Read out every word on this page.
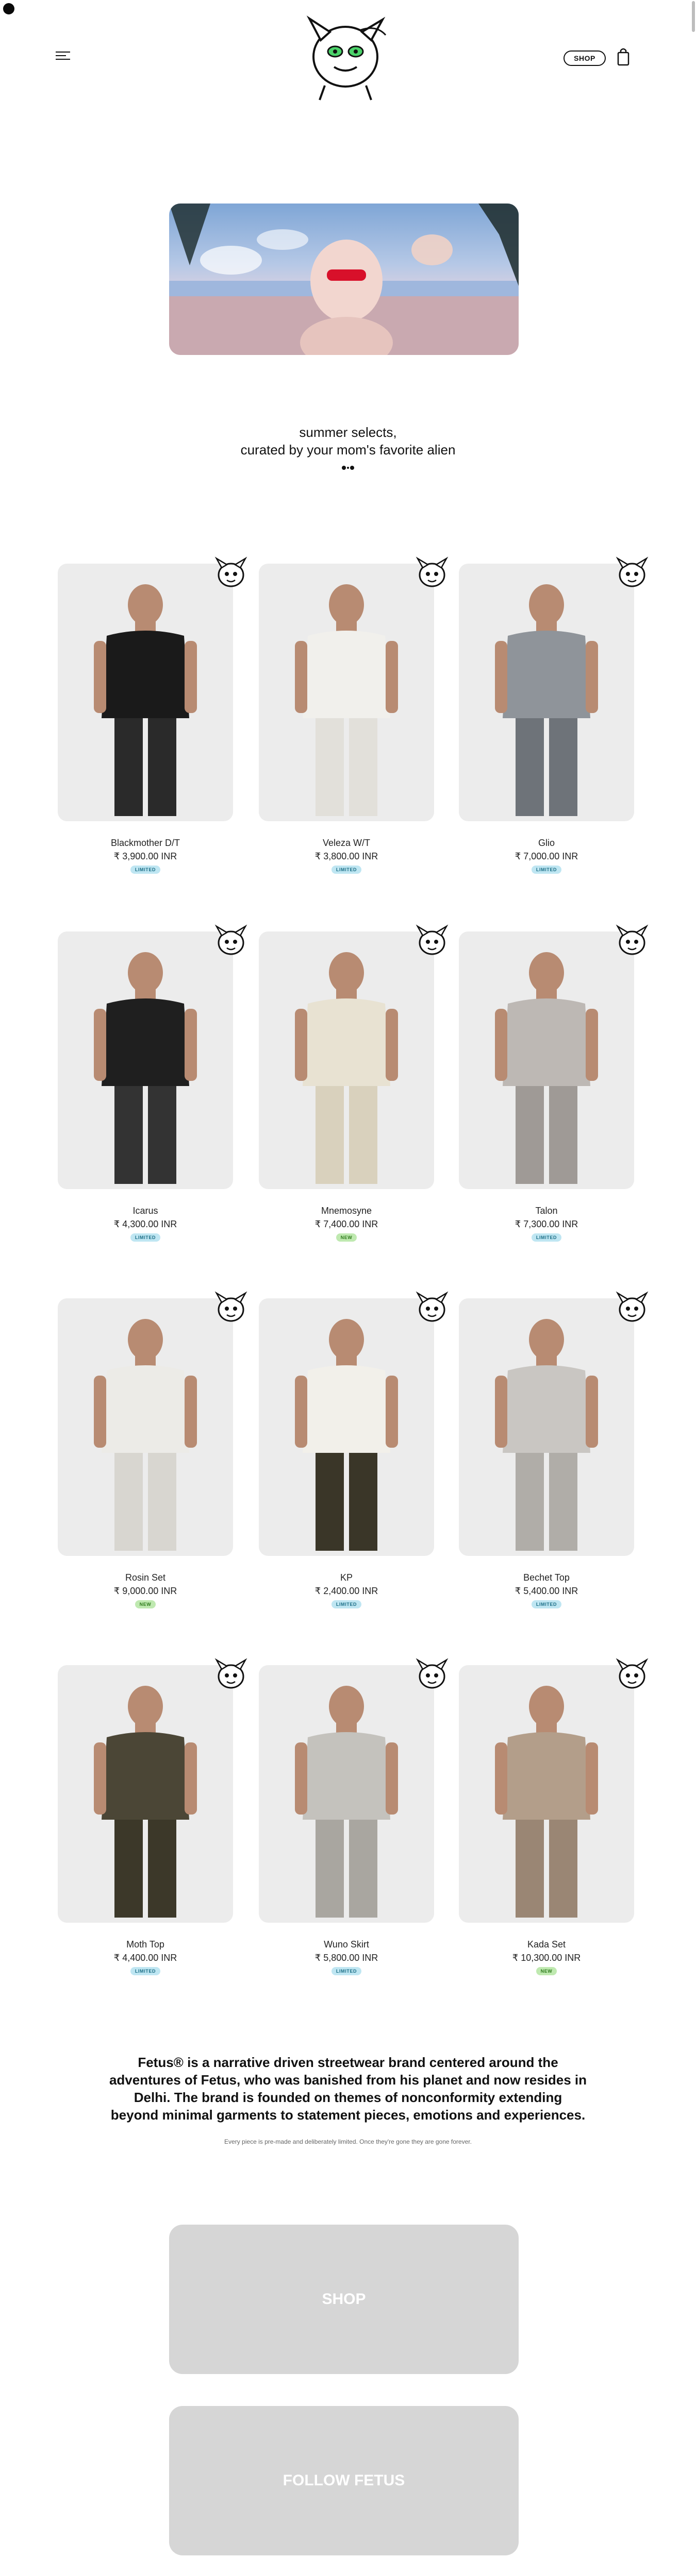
SHOP
summer selects,
curated by your mom's favorite alien
Blackmother D/T
₹ 3,900.00 INR
LIMITED
Veleza W/T
₹ 3,800.00 INR
LIMITED
Glio
₹ 7,000.00 INR
LIMITED
Icarus
₹ 4,300.00 INR
LIMITED
Mnemosyne
₹ 7,400.00 INR
NEW
Talon
₹ 7,300.00 INR
LIMITED
Rosin Set
₹ 9,000.00 INR
NEW
KP
₹ 2,400.00 INR
LIMITED
Bechet Top
₹ 5,400.00 INR
LIMITED
Moth Top
₹ 4,400.00 INR
LIMITED
Wuno Skirt
₹ 5,800.00 INR
LIMITED
Kada Set
₹ 10,300.00 INR
NEW
Fetus® is a narrative driven streetwear brand centered around the adventures of Fetus, who was banished from his planet and now resides in Delhi. The brand is founded on themes of nonconformity extending beyond minimal garments to statement pieces, emotions and experiences.
Every piece is pre-made and deliberately limited. Once they're gone they are gone forever.
SHOP
FOLLOW FETUS
